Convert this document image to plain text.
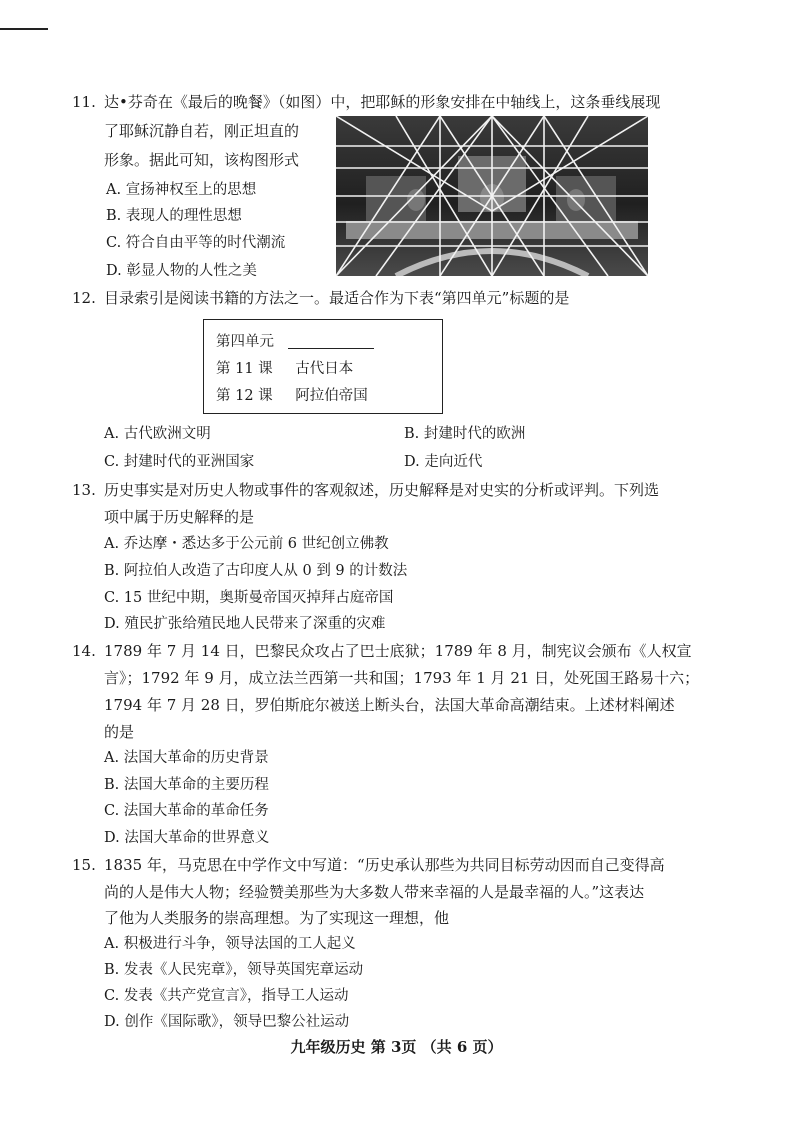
11. 达•芬奇在《最后的晚餐》（如图）中，把耶稣的形象安排在中轴线上，这条垂线展现
了耶稣沉静自若，刚正坦直的
形象。据此可知，该构图形式
A. 宣扬神权至上的思想
B. 表现人的理性思想
C. 符合自由平等的时代潮流
D. 彰显人物的人性之美
12. 目录索引是阅读书籍的方法之一。最适合作为下表“第四单元”标题的是
第四单元
第 11 课 古代日本
第 12 课 阿拉伯帝国
A. 古代欧洲文明	B. 封建时代的欧洲
C. 封建时代的亚洲国家	D. 走向近代
13. 历史事实是对历史人物或事件的客观叙述，历史解释是对史实的分析或评判。下列选
项中属于历史解释的是
A. 乔达摩・悉达多于公元前 6 世纪创立佛教
B. 阿拉伯人改造了古印度人从 0 到 9 的计数法
C. 15 世纪中期，奥斯曼帝国灭掉拜占庭帝国
D. 殖民扩张给殖民地人民带来了深重的灾难
14. 1789 年 7 月 14 日，巴黎民众攻占了巴士底狱；1789 年 8 月，制宪议会颁布《人权宣
言》；1792 年 9 月，成立法兰西第一共和国；1793 年 1 月 21 日，处死国王路易十六；
1794 年 7 月 28 日，罗伯斯庇尔被送上断头台，法国大革命高潮结束。上述材料阐述
的是
A. 法国大革命的历史背景
B. 法国大革命的主要历程
C. 法国大革命的革命任务
D. 法国大革命的世界意义
15. 1835 年，马克思在中学作文中写道：“历史承认那些为共同目标劳动因而自己变得高
尚的人是伟大人物；经验赞美那些为大多数人带来幸福的人是最幸福的人。”这表达
了他为人类服务的崇高理想。为了实现这一理想，他
A. 积极进行斗争，领导法国的工人起义
B. 发表《人民宪章》，领导英国宪章运动
C. 发表《共产党宣言》，指导工人运动
D. 创作《国际歌》，领导巴黎公社运动
九年级历史 第 3页 （共 6 页）
